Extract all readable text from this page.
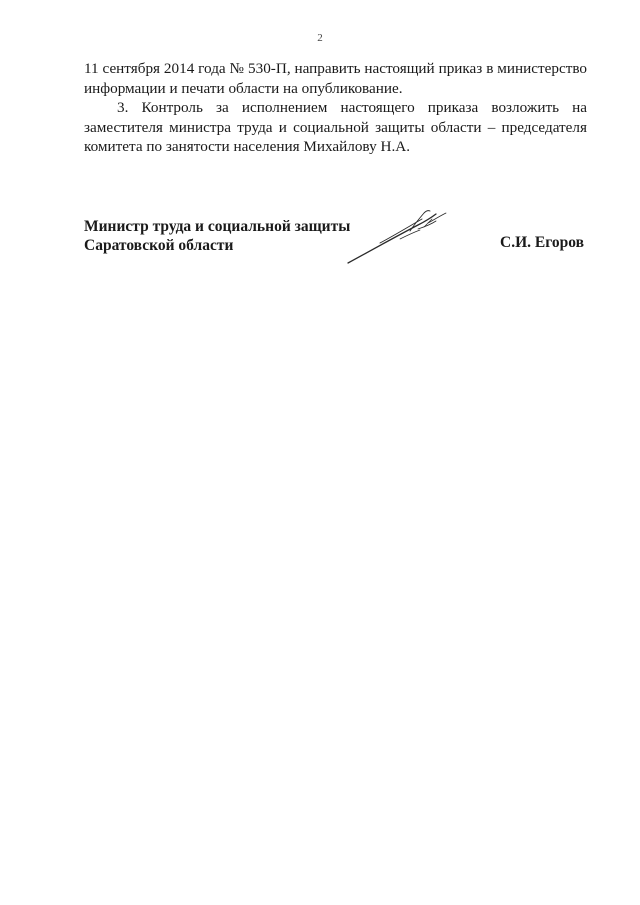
2

11 сентября 2014 года № 530-П, направить настоящий приказ в министерство информации и печати области на опубликование.

3. Контроль за исполнением настоящего приказа возложить на заместителя министра труда и социальной защиты области – председателя комитета по занятости населения Михайлову Н.А.

Министр труда и социальной защиты
Саратовской области	С.И. Егоров
